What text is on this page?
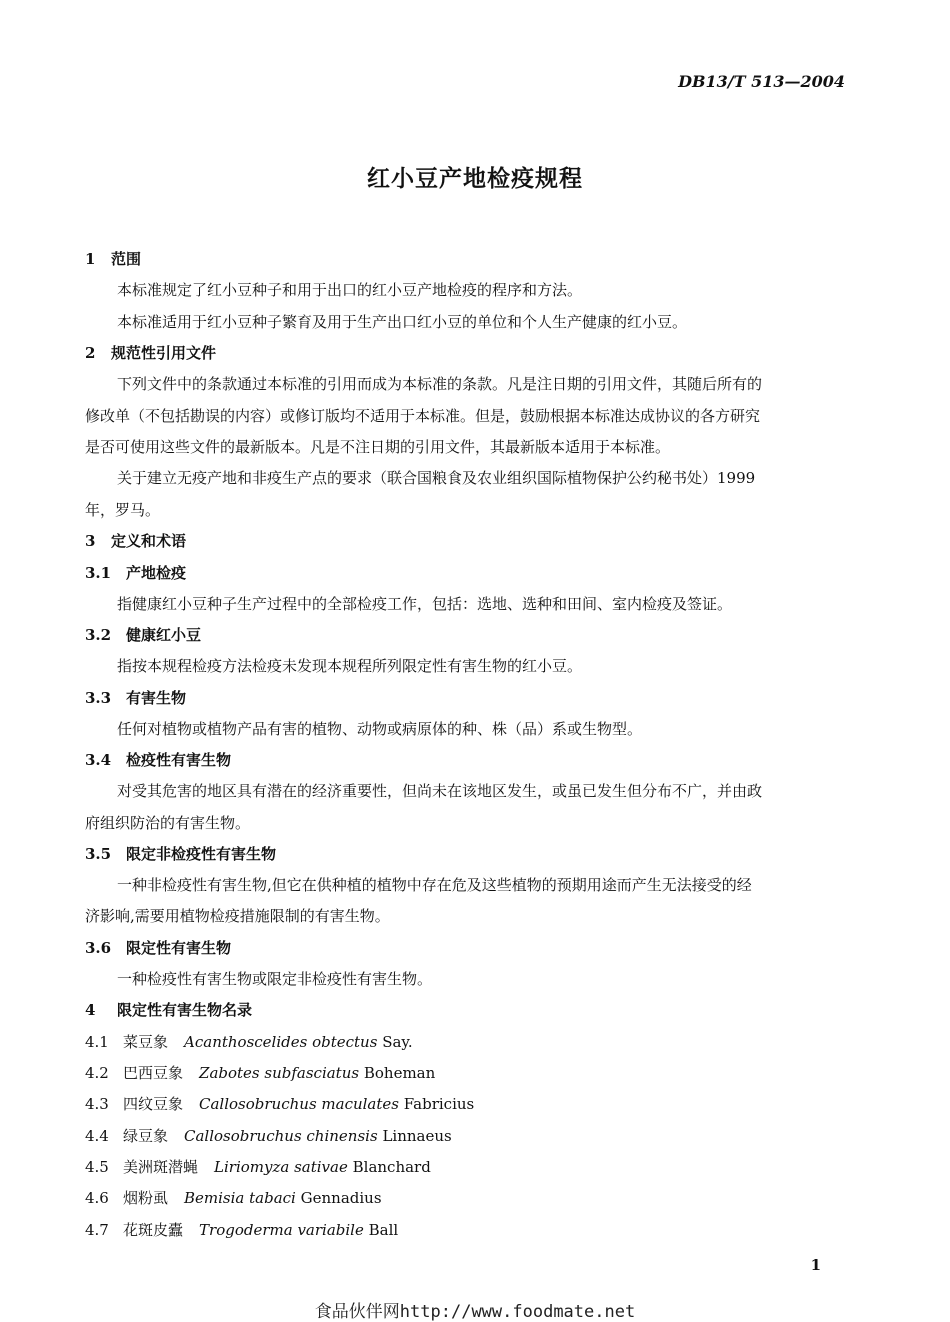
DB13/T 513—2004
红小豆产地检疫规程
1 范围
本标准规定了红小豆种子和用于出口的红小豆产地检疫的程序和方法。
本标准适用于红小豆种子繁育及用于生产出口红小豆的单位和个人生产健康的红小豆。
2 规范性引用文件
下列文件中的条款通过本标准的引用而成为本标准的条款。凡是注日期的引用文件，其随后所有的
修改单（不包括勘误的内容）或修订版均不适用于本标准。但是，鼓励根据本标准达成协议的各方研究
是否可使用这些文件的最新版本。凡是不注日期的引用文件，其最新版本适用于本标准。
关于建立无疫产地和非疫生产点的要求（联合国粮食及农业组织国际植物保护公约秘书处）1999
年，罗马。
3 定义和术语
3.1 产地检疫
指健康红小豆种子生产过程中的全部检疫工作，包括：选地、选种和田间、室内检疫及签证。
3.2 健康红小豆
指按本规程检疫方法检疫未发现本规程所列限定性有害生物的红小豆。
3.3 有害生物
任何对植物或植物产品有害的植物、动物或病原体的种、株（品）系或生物型。
3.4 检疫性有害生物
对受其危害的地区具有潜在的经济重要性，但尚未在该地区发生，或虽已发生但分布不广，并由政
府组织防治的有害生物。
3.5 限定非检疫性有害生物
一种非检疫性有害生物,但它在供种植的植物中存在危及这些植物的预期用途而产生无法接受的经
济影响,需要用植物检疫措施限制的有害生物。
3.6 限定性有害生物
一种检疫性有害生物或限定非检疫性有害生物。
4 限定性有害生物名录
4.1 菜豆象 Acanthoscelides obtectus Say.
4.2 巴西豆象 Zabotes subfasciatus Boheman
4.3 四纹豆象 Callosobruchus maculates Fabricius
4.4 绿豆象 Callosobruchus chinensis Linnaeus
4.5 美洲斑潜蝇 Liriomyza sativae Blanchard
4.6 烟粉虱 Bemisia tabaci Gennadius
4.7 花斑皮蠹 Trogoderma variabile Ball
1
食品伙伴网http://www.foodmate.net
